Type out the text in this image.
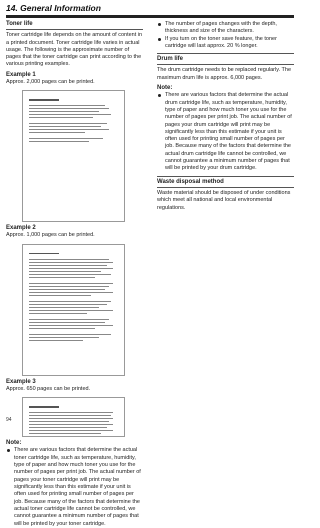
14. General Information
Toner life

Toner cartridge life depends on the amount of content in a printed document. Toner cartridge life varies in actual usage. The following is the approximate number of pages that the toner cartridge can print according to the various printing examples.

Example 1

Approx. 2,000 pages can be printed.

Example 2

Approx. 1,000 pages can be printed.

Example 3

Approx. 650 pages can be printed.

Note:
There are various factors that determine the actual toner cartridge life, such as temperature, humidity, type of paper and how much toner you use for the number of pages per print job. The actual number of pages your toner cartridge will print may be significantly less than this estimate if your unit is often used for printing small number of pages per job. Because many of the factors that determine the actual toner cartridge life cannot be controlled, we cannot guarantee a minimum number of pages that will be printed by your toner cartridge.
The number of pages changes with the depth, thickness and size of the characters.
If you turn on the toner save feature, the toner cartridge will last approx. 20 % longer.
Drum life

The drum cartridge needs to be replaced regularly. The maximum drum life is approx. 6,000 pages.

Note:
There are various factors that determine the actual drum cartridge life, such as temperature, humidity, type of paper and how much toner you use for the number of pages per print job. The actual number of pages your drum cartridge will print may be significantly less than this estimate if your unit is often used for printing small number of pages per job. Because many of the factors that determine the actual drum cartridge life cannot be controlled, we cannot guarantee a minimum number of pages that will be printed by your drum cartridge.
Waste disposal method

Waste material should be disposed of under conditions which meet all national and local environmental regulations.

94
